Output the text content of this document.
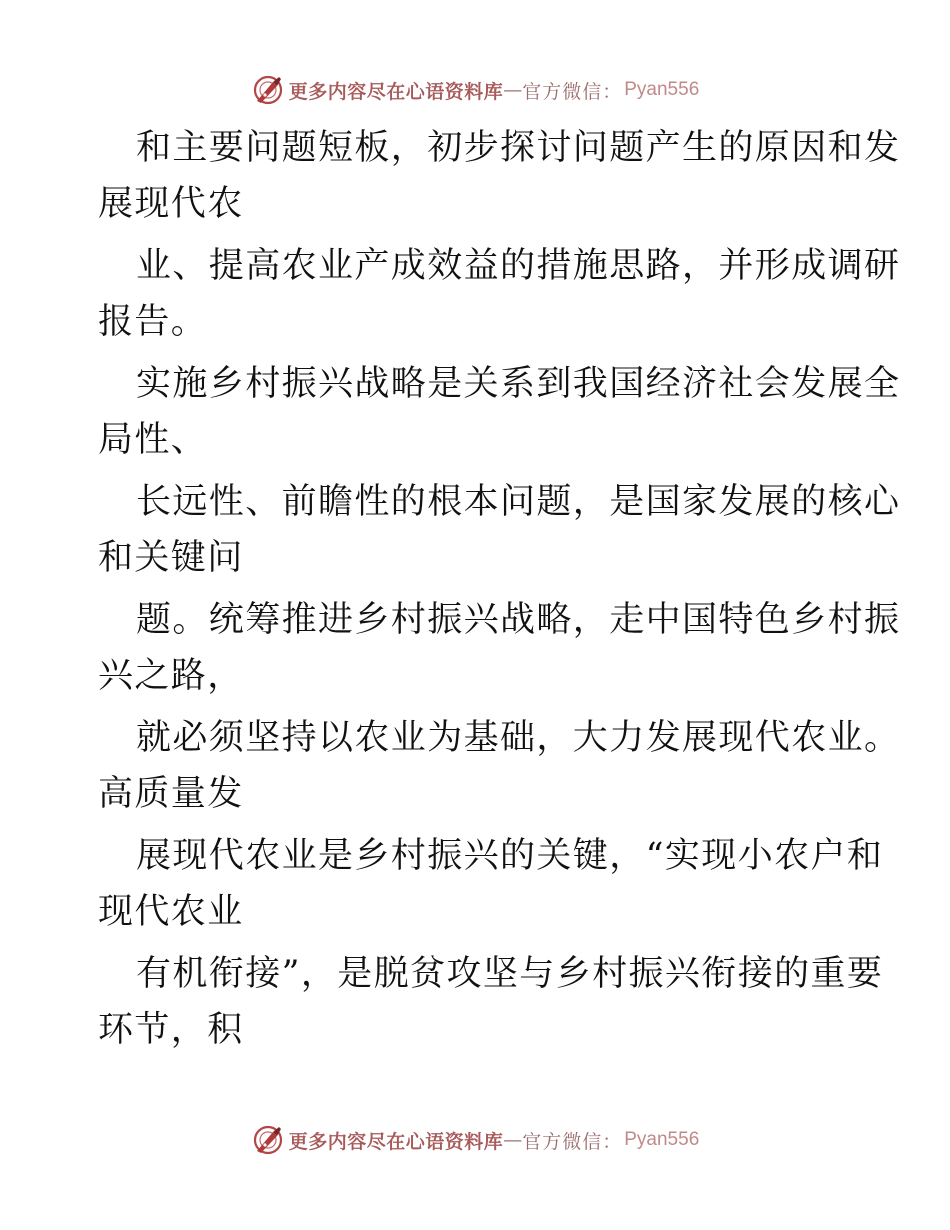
更多内容尽在心语资料库 — 官方微信： Pyan556
和主要问题短板，初步探讨问题产生的原因和发
展现代农
业、提高农业产成效益的措施思路，并形成调研
报告。
实施乡村振兴战略是关系到我国经济社会发展全
局性、
长远性、前瞻性的根本问题，是国家发展的核心
和关键问
题。统筹推进乡村振兴战略，走中国特色乡村振
兴之路，
就必须坚持以农业为基础，大力发展现代农业。
高质量发
展现代农业是乡村振兴的关键，“实现小农户和
现代农业
有机衔接”，是脱贫攻坚与乡村振兴衔接的重要
环节，积
更多内容尽在心语资料库 — 官方微信： Pyan556
